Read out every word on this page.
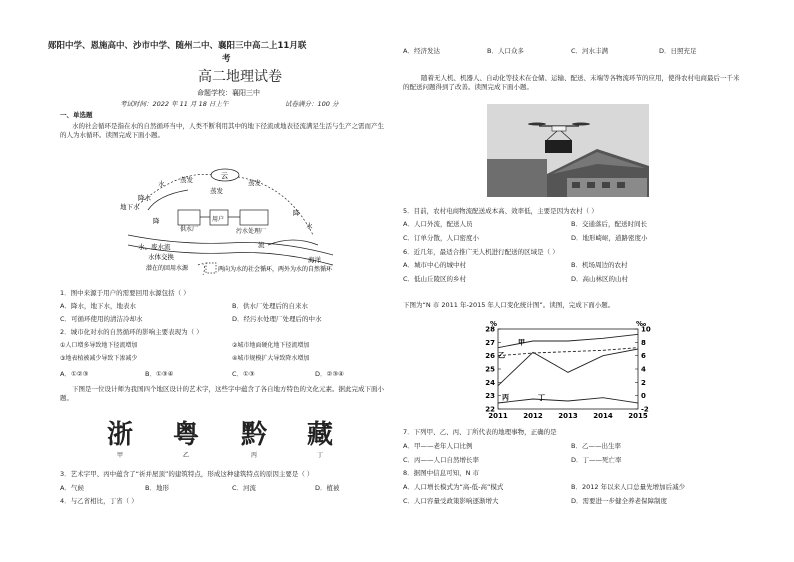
郧阳中学、恩施高中、沙市中学、随州二中、襄阳三中高二上11月联
考
高二地理试卷
命题学校：襄阳三中
考试时间：2022 年 11 月 18 日上午	试卷满分：100 分
一、单选题
水的社会循环是指在水的自然循环当中，人类不断利用其中的地下径流或地表径流满足生活与生产之需而产生的人为水循环。读图完成下面小题。
云
蒸发
蒸发
蒸发
水
降水
地下水
降
水
降
供水厂
用户
污水处理厂
水、废水流	流
水体交换	海洋
潜在的回用水源	两向为水的社会循环，两外为水的自然循环
1．图中来源于用户的需要回用水源包括（ ）
A．降水，地下水，地表水	B．供水厂处理后的自来水
C．可循环使用的清洁冷却水	D．经污水处理厂处理后的中水
2．城市化对水的自然循环的影响主要表现为（ ）
①人口增多导致地下径流增加	②城市地面硬化地下径流增加
③地表植被减少导致下渗减少	④城市规模扩大导致降水增加
A．①②③	B．①③④	C．①③	D．②③④
下图是一位设计师为我国四个地区设计的艺术字，这些字中蕴含了各自地方特色的文化元素。据此完成下面小题。
浙
甲
粤
乙
黔
丙
藏
丁
3．艺术字甲、丙中蕴含了“祈并屋顶”的建筑特点，形成这种建筑特点的原因主要是（ ）
A．气候	B．地形	C．河流	D．植被
4．与乙省相比，丁省（ ）
A．经济发达	B．人口众多	C．河水丰满	D．日照充足
随着无人机、机器人、自动化等技术在仓储、运输、配送、末端等各物流环节的应用，使得农村电商最后一千米的配送问题得到了改善。读图完成下面小题。
5．目前，农村电商物流配送成本高、效率低，主要是因为农村（ ）
A．人口外流，配送人员	B．交通落后，配送时间长
C．订单分散，人口密度小	D．地形崎岖，道路密度小
6．近几年，最适合推广无人机进行配送的区域是（ ）
A．城市中心的城中村	B．机场周边的农村
C．低山丘陵区的乡村	D．高山林区的山村
下图为“N 市 2011 年-2015 年人口变化统计图”。读图，完成下面小题。
22
23
24
25
26
27
28
-2
0
2
4
6
8
10
2011 2012 2013 2014 2015
%	‰
甲
乙
丙	丁
7．下列甲、乙、丙、丁所代表的地理事物，正确的是
A．甲——老年人口比例	B．乙——出生率
C．丙——人口自然增长率	D．丁——死亡率
8．据图中信息可知，N 市
A．人口增长模式为“高-低-高”模式	B．2012 年以来人口总量先增加后减少
C．人口容量受政策影响逐渐增大	D．需要进一步健全养老保障制度
